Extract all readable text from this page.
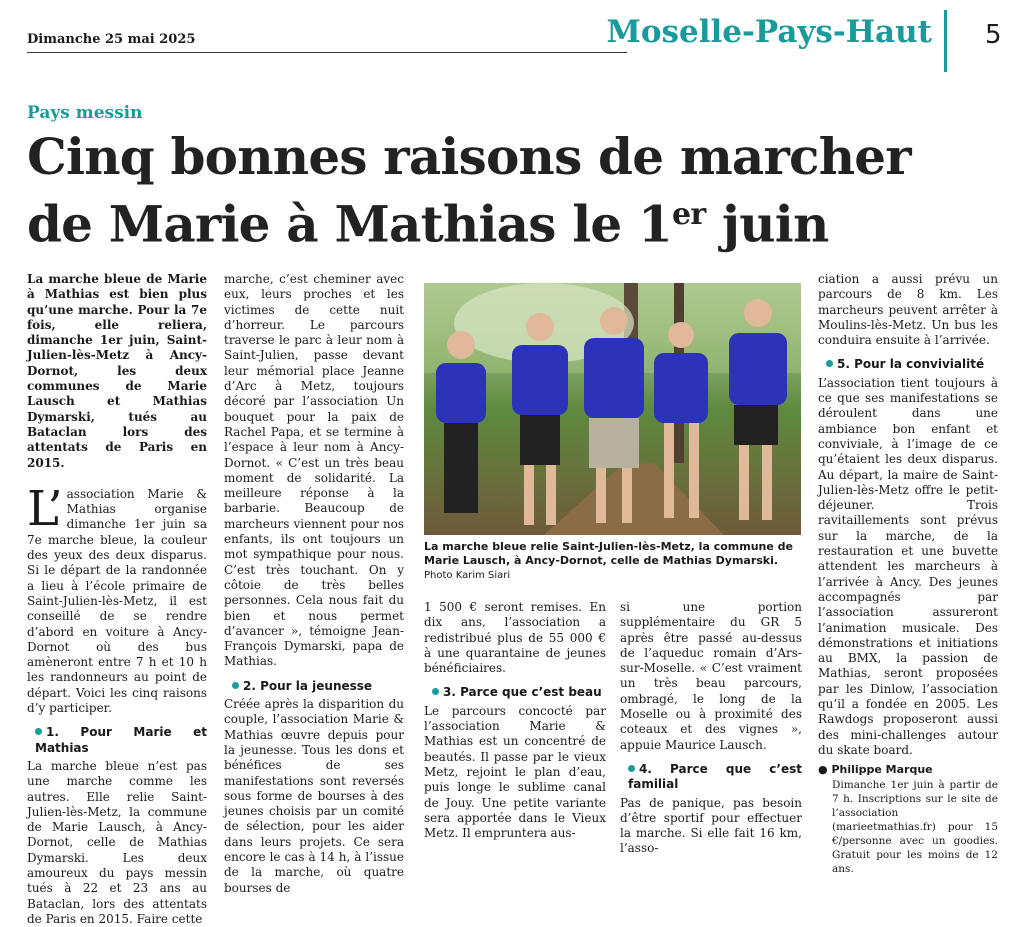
Dimanche 25 mai 2025	Moselle-Pays-Haut 5
Pays messin
Cinq bonnes raisons de marcher de Marie à Mathias le 1er juin

La marche bleue de Marie à Mathias est bien plus qu’une marche. Pour la 7e fois, elle reliera, dimanche 1er juin, Saint-Julien-lès-Metz à Ancy-Dornot, les deux communes de Marie Lausch et Mathias Dymarski, tués au Bataclan lors des attentats de Paris en 2015.

L’ association Marie & Mathias organise dimanche 1er juin sa 7e marche bleue, la couleur des yeux des deux disparus. Si le départ de la randonnée a lieu à l’école primaire de Saint-Julien-lès-Metz, il est conseillé de se rendre d’abord en voiture à Ancy-Dornot où des bus amèneront entre 7 h et 10 h les randonneurs au point de départ. Voici les cinq raisons d’y participer.

1. Pour Marie et Mathias

La marche bleue n’est pas une marche comme les autres. Elle relie Saint-Julien-lès-Metz, la commune de Marie Lausch, à Ancy-Dornot, celle de Mathias Dymarski. Les deux amoureux du pays messin tués à 22 et 23 ans au Bataclan, lors des attentats de Paris en 2015. Faire cette

marche, c’est cheminer avec eux, leurs proches et les victimes de cette nuit d’horreur. Le parcours traverse le parc à leur nom à Saint-Julien, passe devant leur mémorial place Jeanne d’Arc à Metz, toujours décoré par l’association Un bouquet pour la paix de Rachel Papa, et se termine à l’espace à leur nom à Ancy-Dornot. « C’est un très beau moment de solidarité. La meilleure réponse à la barbarie. Beaucoup de marcheurs viennent pour nos enfants, ils ont toujours un mot sympathique pour nous. C’est très touchant. On y côtoie de très belles personnes. Cela nous fait du bien et nous permet d’avancer », témoigne Jean-François Dymarski, papa de Mathias.

2. Pour la jeunesse

Créée après la disparition du couple, l’association Marie & Mathias œuvre depuis pour la jeunesse. Tous les dons et bénéfices de ses manifestations sont reversés sous forme de bourses à des jeunes choisis par un comité de sélection, pour les aider dans leurs projets. Ce sera encore le cas à 14 h, à l’issue de la marche, où quatre bourses de

La marche bleue relie Saint-Julien-lès-Metz, la commune de Marie Lausch, à Ancy-Dornot, celle de Mathias Dymarski.
Photo Karim Siari

1 500 € seront remises. En dix ans, l’association a redistribué plus de 55 000 € à une quarantaine de jeunes bénéficiaires.

3. Parce que c’est beau

Le parcours concocté par l’association Marie & Mathias est un concentré de beautés. Il passe par le vieux Metz, rejoint le plan d’eau, puis longe le sublime canal de Jouy. Une petite variante sera apportée dans le Vieux Metz. Il empruntera aus-

si une portion supplémentaire du GR 5 après être passé au-dessus de l’aqueduc romain d’Ars-sur-Moselle. « C’est vraiment un très beau parcours, ombragé, le long de la Moselle ou à proximité des coteaux et des vignes », appuie Maurice Lausch.

4. Parce que c’est familial

Pas de panique, pas besoin d’être sportif pour effectuer la marche. Si elle fait 16 km, l’asso-

ciation a aussi prévu un parcours de 8 km. Les marcheurs peuvent arrêter à Moulins-lès-Metz. Un bus les conduira ensuite à l’arrivée.

5. Pour la convivialité

L’association tient toujours à ce que ses manifestations se déroulent dans une ambiance bon enfant et conviviale, à l’image de ce qu’étaient les deux disparus. Au départ, la maire de Saint-Julien-lès-Metz offre le petit-déjeuner. Trois ravitaillements sont prévus sur la marche, de la restauration et une buvette attendent les marcheurs à l’arrivée à Ancy. Des jeunes accompagnés par l’association assureront l’animation musicale. Des démonstrations et initiations au BMX, la passion de Mathias, seront proposées par les Dinlow, l’association qu’il a fondée en 2005. Les Rawdogs proposeront aussi des mini-challenges autour du skate board.

● Philippe Marque

Dimanche 1er juin à partir de 7 h. Inscriptions sur le site de l’association (marieetmathias.fr) pour 15 €/personne avec un goodies. Gratuit pour les moins de 12 ans.
